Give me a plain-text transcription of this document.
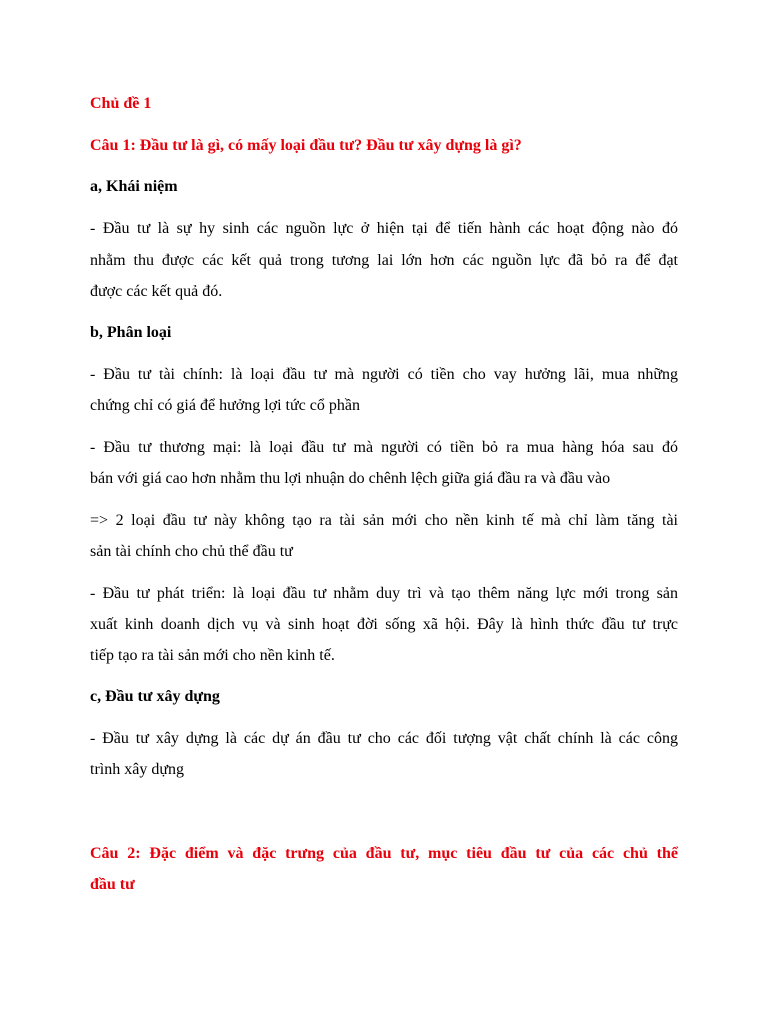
Chủ đề 1
Câu 1: Đầu tư là gì, có mấy loại đầu tư? Đầu tư xây dựng là gì?
a, Khái niệm
- Đầu tư là sự hy sinh các nguồn lực ở hiện tại để tiến hành các hoạt động nào đó
nhằm thu được các kết quả trong tương lai lớn hơn các nguồn lực đã bỏ ra để đạt
được các kết quả đó.
b, Phân loại
- Đầu tư tài chính: là loại đầu tư mà người có tiền cho vay hưởng lãi, mua những
chứng chỉ có giá để hưởng lợi tức cổ phần
- Đầu tư thương mại: là loại đầu tư mà người có tiền bỏ ra mua hàng hóa sau đó
bán với giá cao hơn nhằm thu lợi nhuận do chênh lệch giữa giá đầu ra và đầu vào
=> 2 loại đầu tư này không tạo ra tài sản mới cho nền kinh tế mà chỉ làm tăng tài
sản tài chính cho chủ thể đầu tư
- Đầu tư phát triển: là loại đầu tư nhằm duy trì và tạo thêm năng lực mới trong sản
xuất kinh doanh dịch vụ và sinh hoạt đời sống xã hội. Đây là hình thức đầu tư trực
tiếp tạo ra tài sản mới cho nền kinh tế.
c, Đầu tư xây dựng
- Đầu tư xây dựng là các dự án đầu tư cho các đối tượng vật chất chính là các công
trình xây dựng
Câu 2: Đặc điểm và đặc trưng của đầu tư, mục tiêu đầu tư của các chủ thể
đầu tư
